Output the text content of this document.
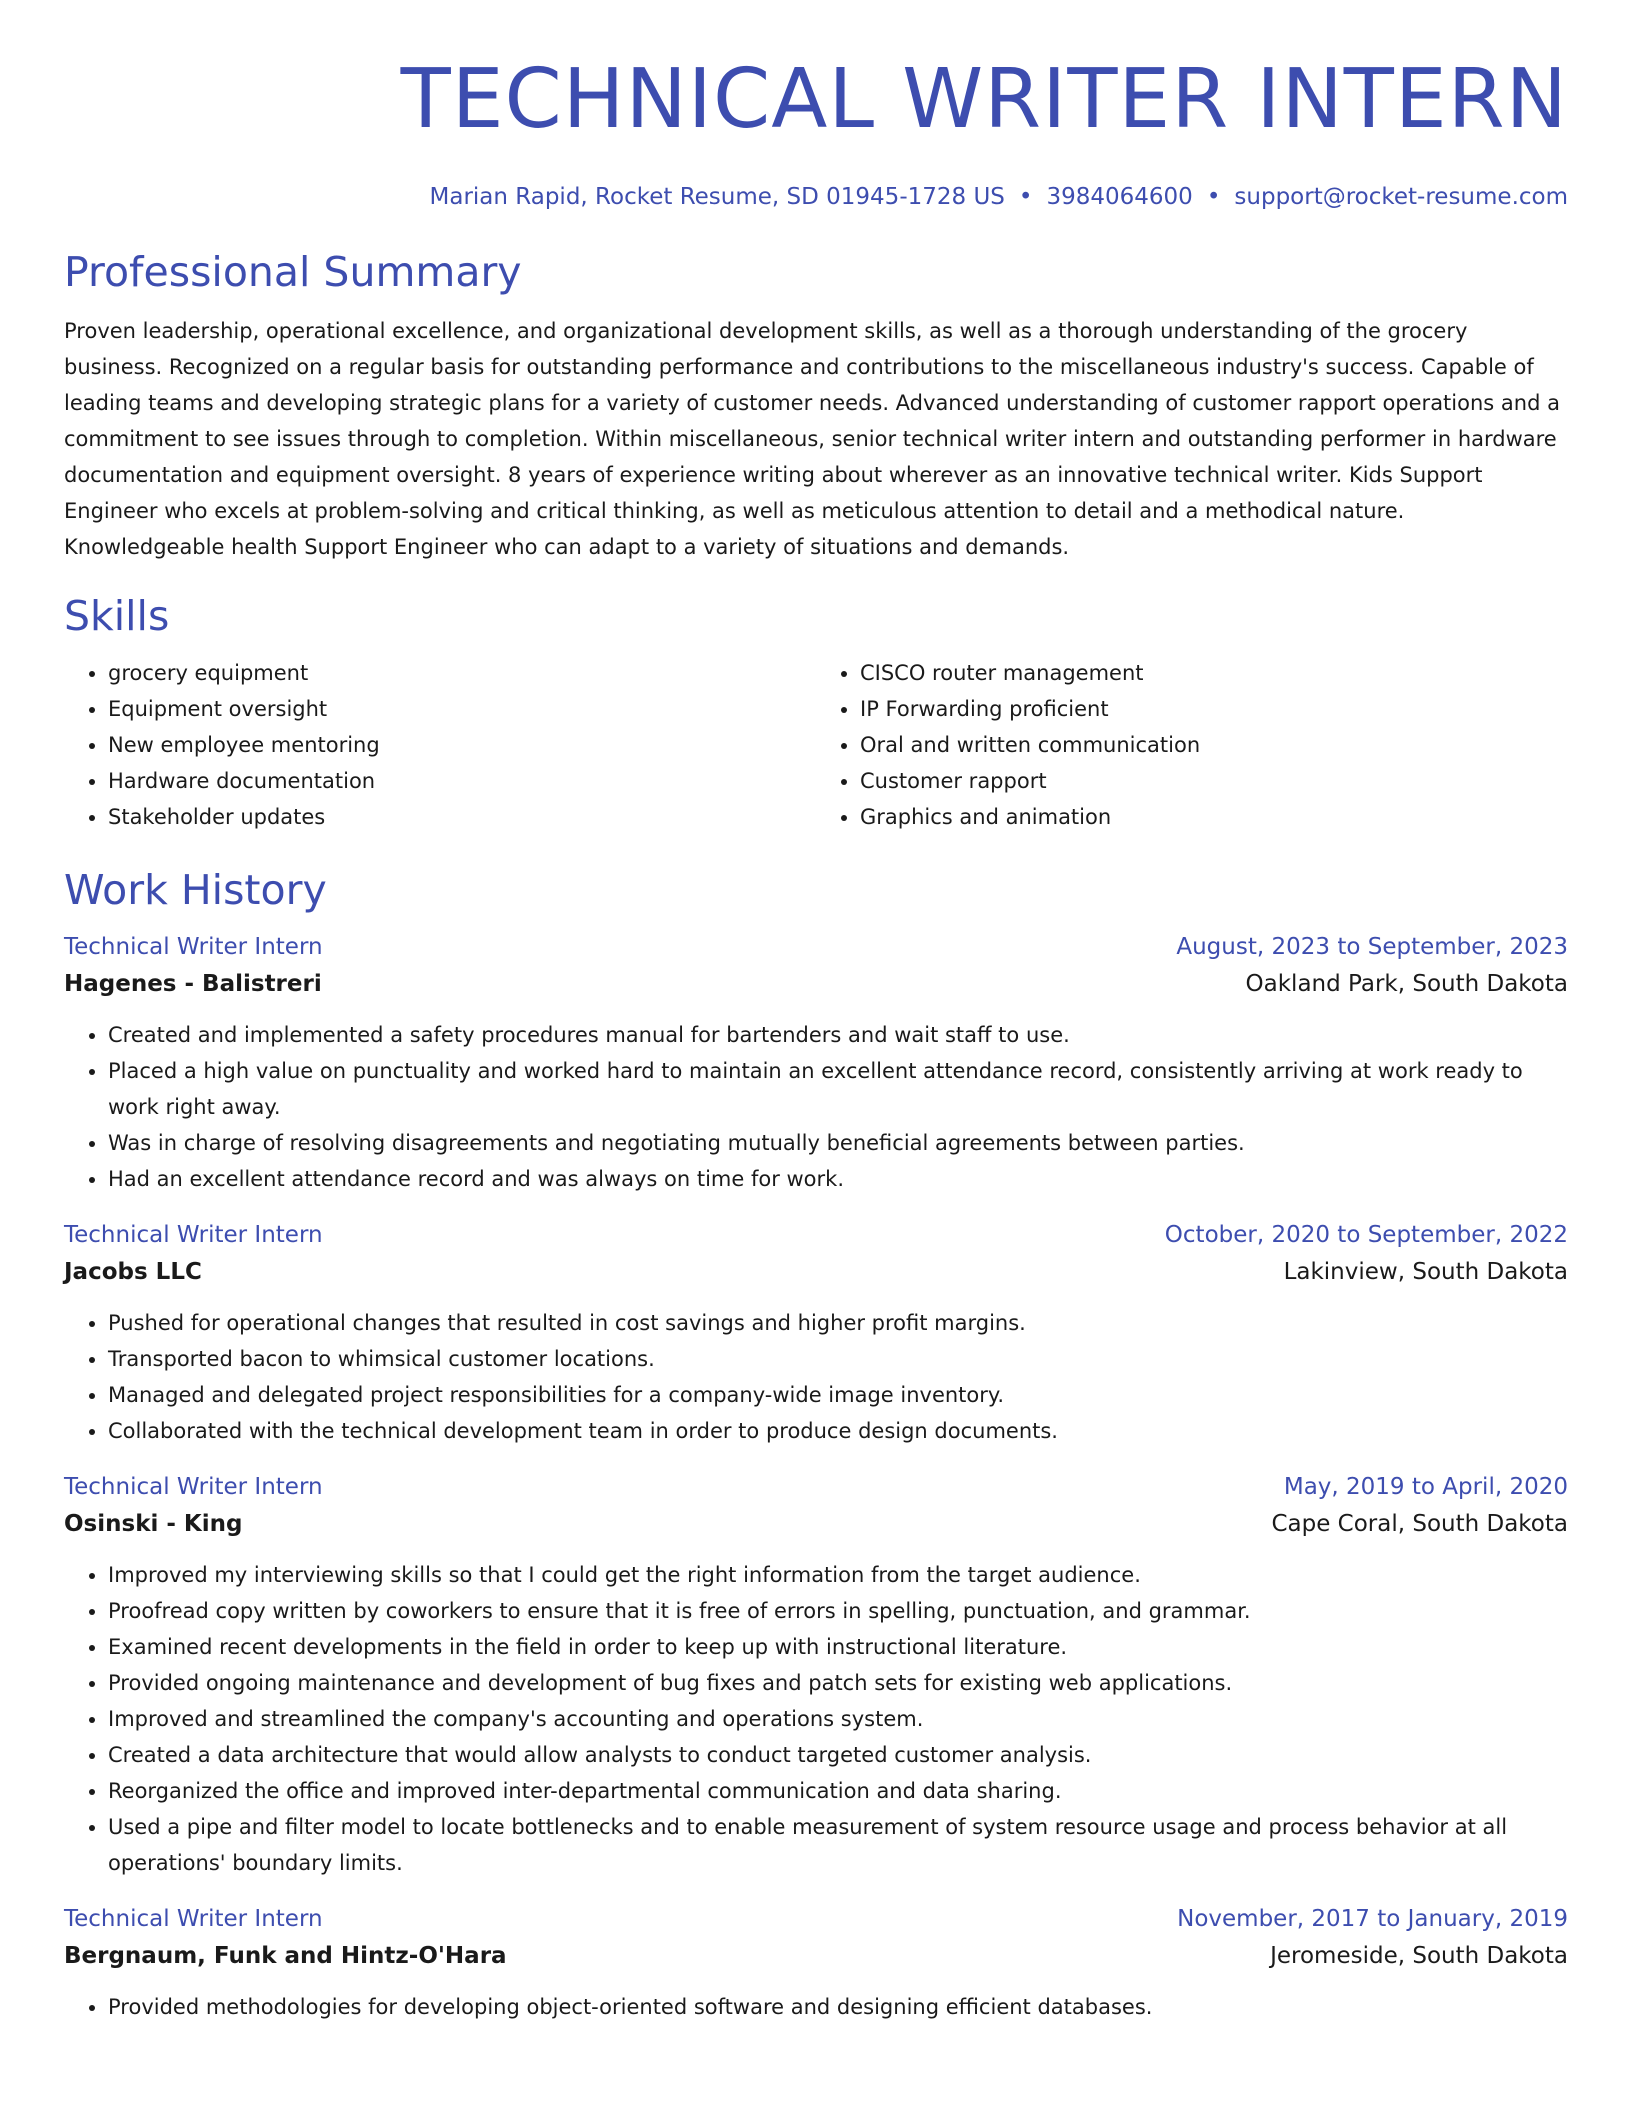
TECHNICAL WRITER INTERN
Marian Rapid, Rocket Resume, SD 01945-1728 US • 3984064600 • support@rocket-resume.com
Professional Summary

Proven leadership, operational excellence, and organizational development skills, as well as a thorough understanding of the grocery business. Recognized on a regular basis for outstanding performance and contributions to the miscellaneous industry's success. Capable of leading teams and developing strategic plans for a variety of customer needs. Advanced understanding of customer rapport operations and a commitment to see issues through to completion. Within miscellaneous, senior technical writer intern and outstanding performer in hardware documentation and equipment oversight. 8 years of experience writing about wherever as an innovative technical writer. Kids Support Engineer who excels at problem-solving and critical thinking, as well as meticulous attention to detail and a methodical nature. Knowledgeable health Support Engineer who can adapt to a variety of situations and demands.

Skills
• grocery equipment
• Equipment oversight
• New employee mentoring
• Hardware documentation
• Stakeholder updates
• CISCO router management
• IP Forwarding proficient
• Oral and written communication
• Customer rapport
• Graphics and animation
Work History
Technical Writer Intern	August, 2023 to September, 2023
Hagenes - Balistreri	Oakland Park, South Dakota
• Created and implemented a safety procedures manual for bartenders and wait staff to use.
• Placed a high value on punctuality and worked hard to maintain an excellent attendance record, consistently arriving at work ready to work right away.
• Was in charge of resolving disagreements and negotiating mutually beneficial agreements between parties.
• Had an excellent attendance record and was always on time for work.
Technical Writer Intern	October, 2020 to September, 2022
Jacobs LLC	Lakinview, South Dakota
• Pushed for operational changes that resulted in cost savings and higher profit margins.
• Transported bacon to whimsical customer locations.
• Managed and delegated project responsibilities for a company-wide image inventory.
• Collaborated with the technical development team in order to produce design documents.
Technical Writer Intern	May, 2019 to April, 2020
Osinski - King	Cape Coral, South Dakota
• Improved my interviewing skills so that I could get the right information from the target audience.
• Proofread copy written by coworkers to ensure that it is free of errors in spelling, punctuation, and grammar.
• Examined recent developments in the field in order to keep up with instructional literature.
• Provided ongoing maintenance and development of bug fixes and patch sets for existing web applications.
• Improved and streamlined the company's accounting and operations system.
• Created a data architecture that would allow analysts to conduct targeted customer analysis.
• Reorganized the office and improved inter-departmental communication and data sharing.
• Used a pipe and filter model to locate bottlenecks and to enable measurement of system resource usage and process behavior at all operations' boundary limits.
Technical Writer Intern	November, 2017 to January, 2019
Bergnaum, Funk and Hintz-O'Hara	Jeromeside, South Dakota
• Provided methodologies for developing object-oriented software and designing efficient databases.
